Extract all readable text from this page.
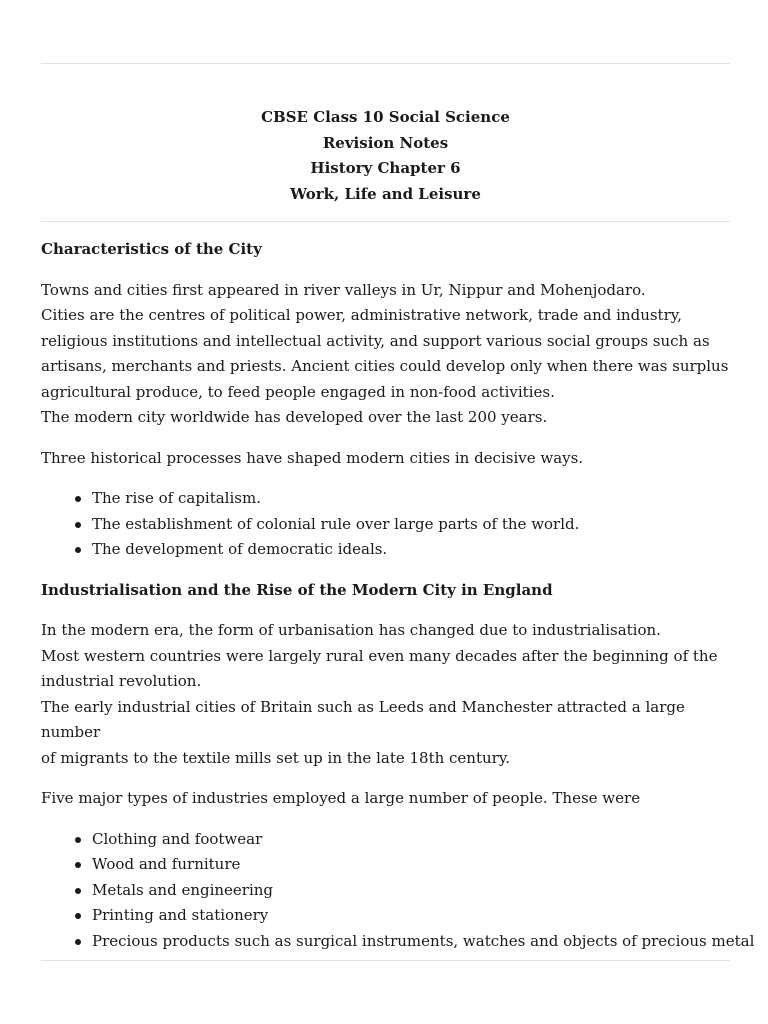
CBSE Class 10 Social Science
Revision Notes
History Chapter 6
Work, Life and Leisure
Characteristics of the City

Towns and cities first appeared in river valleys in Ur, Nippur and Mohenjodaro.
Cities are the centres of political power, administrative network, trade and industry,
religious institutions and intellectual activity, and support various social groups such as
artisans, merchants and priests. Ancient cities could develop only when there was surplus
agricultural produce, to feed people engaged in non-food activities.
The modern city worldwide has developed over the last 200 years.

Three historical processes have shaped modern cities in decisive ways.

The rise of capitalism.
The establishment of colonial rule over large parts of the world.
The development of democratic ideals.
Industrialisation and the Rise of the Modern City in England

In the modern era, the form of urbanisation has changed due to industrialisation.
Most western countries were largely rural even many decades after the beginning of the
industrial revolution.
The early industrial cities of Britain such as Leeds and Manchester attracted a large number
of migrants to the textile mills set up in the late 18th century.

Five major types of industries employed a large number of people. These were

Clothing and footwear
Wood and furniture
Metals and engineering
Printing and stationery
Precious products such as surgical instruments, watches and objects of precious metal
